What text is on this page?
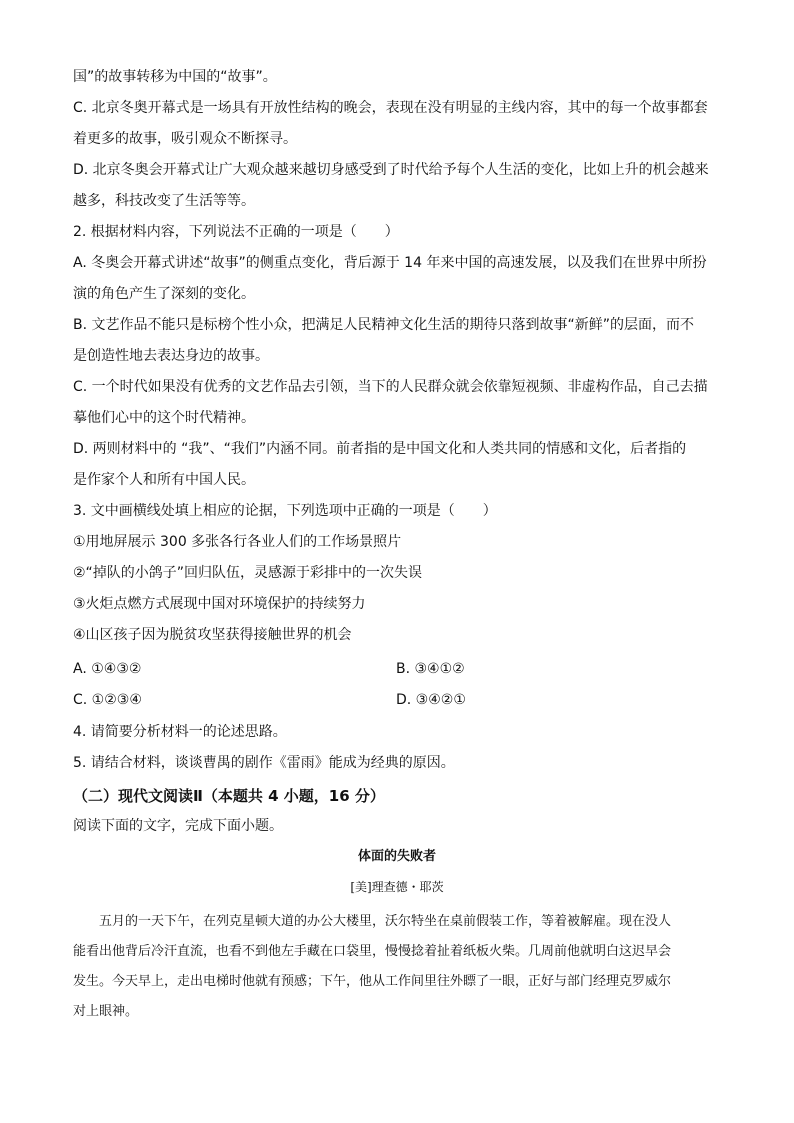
国”的故事转移为中国的“故事”。
C. 北京冬奥开幕式是一场具有开放性结构的晚会，表现在没有明显的主线内容，其中的每一个故事都套
着更多的故事，吸引观众不断探寻。
D. 北京冬奥会开幕式让广大观众越来越切身感受到了时代给予每个人生活的变化，比如上升的机会越来
越多，科技改变了生活等等。
2. 根据材料内容，下列说法不正确的一项是（　　）
A. 冬奥会开幕式讲述“故事”的侧重点变化，背后源于 14 年来中国的高速发展，以及我们在世界中所扮
演的角色产生了深刻的变化。
B. 文艺作品不能只是标榜个性小众，把满足人民精神文化生活的期待只落到故事“新鲜”的层面，而不
是创造性地去表达身边的故事。
C. 一个时代如果没有优秀的文艺作品去引领，当下的人民群众就会依靠短视频、非虚构作品，自己去描
摹他们心中的这个时代精神。
D. 两则材料中的 “我”、“我们”内涵不同。前者指的是中国文化和人类共同的情感和文化，后者指的
是作家个人和所有中国人民。
3. 文中画横线处填上相应的论据，下列选项中正确的一项是（　　）
①用地屏展示 300 多张各行各业人们的工作场景照片
②“掉队的小鸽子”回归队伍，灵感源于彩排中的一次失误
③火炬点燃方式展现中国对环境保护的持续努力
④山区孩子因为脱贫攻坚获得接触世界的机会
A. ①④③②	B. ③④①②
C. ①②③④	D. ③④②①
4. 请简要分析材料一的论述思路。
5. 请结合材料，谈谈曹禺的剧作《雷雨》能成为经典的原因。
（二）现代文阅读Ⅱ（本题共 4 小题，16 分）
阅读下面的文字，完成下面小题。
体面的失败者
[美]理查德・耶茨
五月的一天下午，在列克星顿大道的办公大楼里，沃尔特坐在桌前假装工作，等着被解雇。现在没人
能看出他背后冷汗直流，也看不到他左手藏在口袋里，慢慢捻着扯着纸板火柴。几周前他就明白这迟早会
发生。今天早上，走出电梯时他就有预感；下午，他从工作间里往外瞟了一眼，正好与部门经理克罗威尔
对上眼神。
